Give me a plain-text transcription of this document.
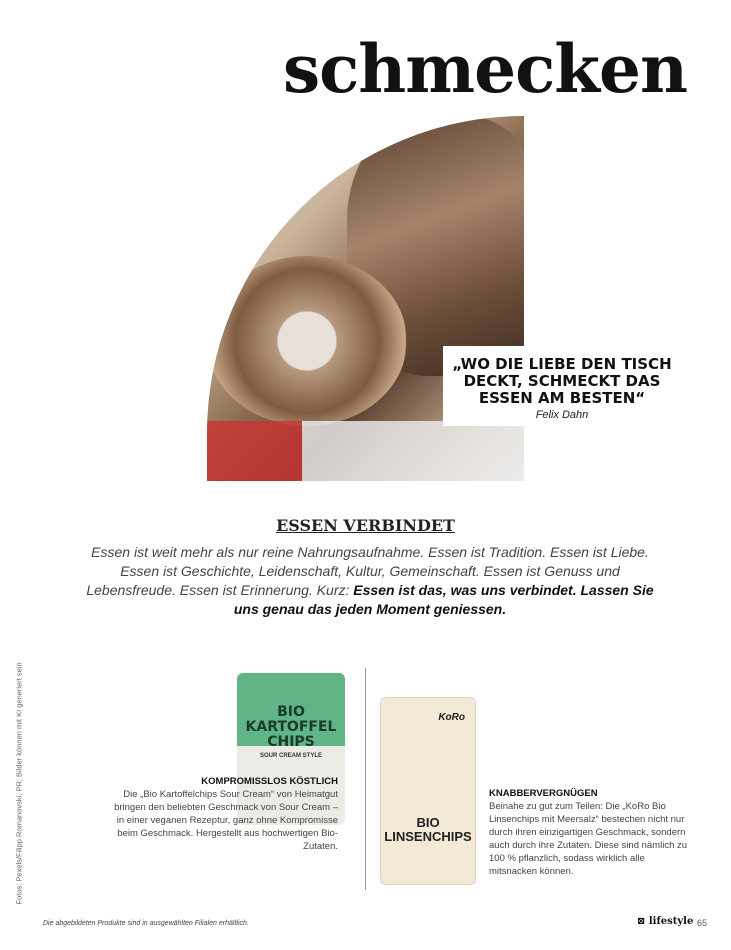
schmecken
„WO DIE LIEBE DEN TISCH DECKT, SCHMECKT DAS ESSEN AM BESTEN“
Felix Dahn
ESSEN VERBINDET
Essen ist weit mehr als nur reine Nahrungsaufnahme. Essen ist Tradition. Essen ist Liebe. Essen ist Geschichte, Leidenschaft, Kultur, Gemeinschaft. Essen ist Genuss und Lebensfreude. Essen ist Erinnerung. Kurz: Essen ist das, was uns verbindet. Lassen Sie uns genau das jeden Moment geniessen.
Fotos: Pexels/Filipp Romanovski, PR; Bilder können mit KI generiert sein	BIO KARTOFFEL CHIPS
SOUR CREAM STYLE
KoRo
BIO LINSENCHIPS
KOMPROMISSLOS KÖSTLICH

Die „Bio Kartoffelchips Sour Cream“ von Heimatgut bringen den beliebten Geschmack von Sour Cream – in einer veganen Rezeptur, ganz ohne Kompromisse beim Geschmack. Hergestellt aus hochwertigen Bio-Zutaten.

KNABBERVERGNÜGEN

Beinahe zu gut zum Teilen: Die „KoRo Bio Linsenchips mit Meersalz“ bestechen nicht nur durch ihren einzigartigen Geschmack, sondern auch durch ihre Zutaten. Diese sind nämlich zu 100 % pflanzlich, sodass wirklich alle mitsnacken können.

Die abgebildeten Produkte sind in ausgewählten Filialen erhältlich.	⊠ lifestyle 65
